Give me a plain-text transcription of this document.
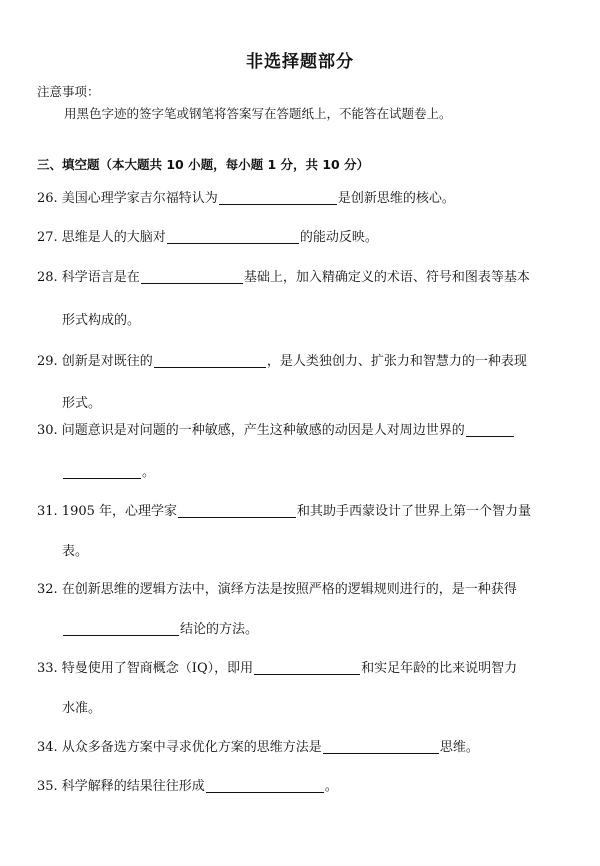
非选择题部分
注意事项：
用黑色字迹的签字笔或钢笔将答案写在答题纸上，不能答在试题卷上。
三、填空题（本大题共 10 小题，每小题 1 分，共 10 分）
26. 美国心理学家吉尔福特认为	是创新思维的核心。
27. 思维是人的大脑对	的能动反映。
28. 科学语言是在	基础上，加入精确定义的术语、符号和图表等基本
形式构成的。
29. 创新是对既往的	，是人类独创力、扩张力和智慧力的一种表现
形式。
30. 问题意识是对问题的一种敏感，产生这种敏感的动因是人对周边世界的
。
31. 1905 年，心理学家	和其助手西蒙设计了世界上第一个智力量
表。
32. 在创新思维的逻辑方法中，演绎方法是按照严格的逻辑规则进行的，是一种获得
结论的方法。
33. 特曼使用了智商概念（IQ），即用	和实足年龄的比来说明智力
水准。
34. 从众多备选方案中寻求优化方案的思维方法是	思维。
35. 科学解释的结果往往形成	。
